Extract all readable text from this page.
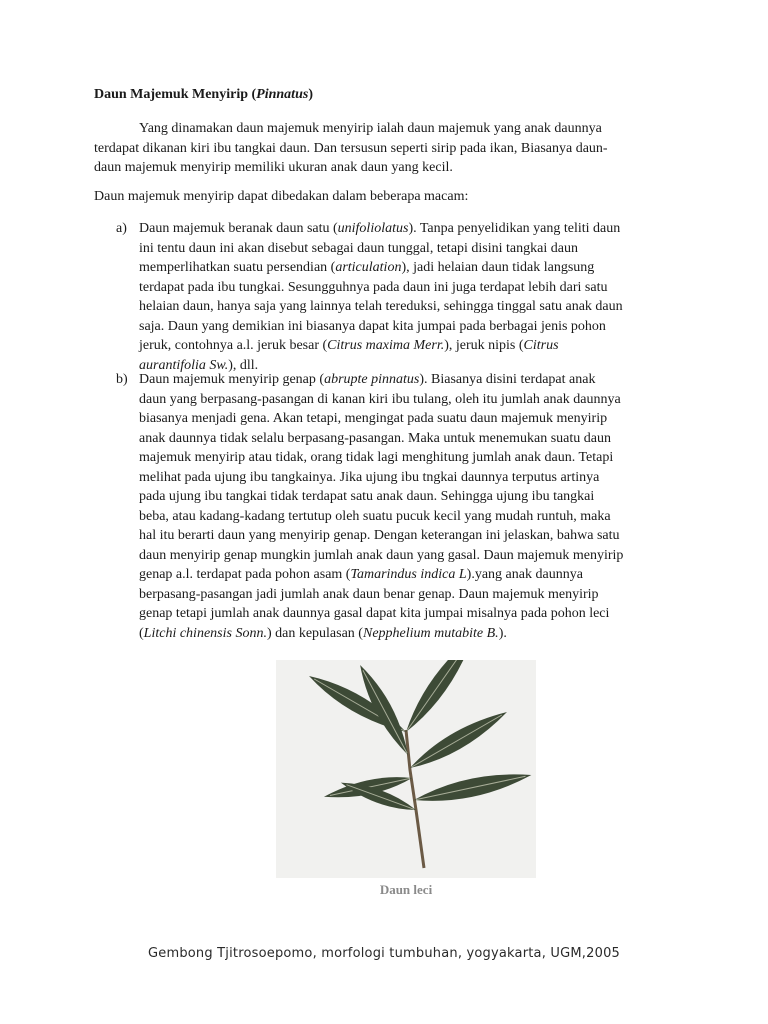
Daun Majemuk Menyirip (Pinnatus)
Yang dinamakan daun majemuk menyirip ialah daun majemuk yang anak daunnya
terdapat dikanan kiri ibu tangkai daun. Dan tersusun seperti sirip pada ikan, Biasanya daun-
daun majemuk menyirip memiliki ukuran anak daun yang kecil.
Daun majemuk menyirip dapat dibedakan dalam beberapa macam:
a) Daun majemuk beranak daun satu (unifoliolatus). Tanpa penyelidikan yang teliti daun
ini tentu daun ini akan disebut sebagai daun tunggal, tetapi disini tangkai daun
memperlihatkan suatu persendian (articulation), jadi helaian daun tidak langsung
terdapat pada ibu tungkai. Sesungguhnya pada daun ini juga terdapat lebih dari satu
helaian daun, hanya saja yang lainnya telah tereduksi, sehingga tinggal satu anak daun
saja. Daun yang demikian ini biasanya dapat kita jumpai pada berbagai jenis pohon
jeruk, contohnya a.l. jeruk besar (Citrus maxima Merr.), jeruk nipis (Citrus
aurantifolia Sw.), dll.
b) Daun majemuk menyirip genap (abrupte pinnatus). Biasanya disini terdapat anak
daun yang berpasang-pasangan di kanan kiri ibu tulang, oleh itu jumlah anak daunnya
biasanya menjadi gena. Akan tetapi, mengingat pada suatu daun majemuk menyirip
anak daunnya tidak selalu berpasang-pasangan. Maka untuk menemukan suatu daun
majemuk menyirip atau tidak, orang tidak lagi menghitung jumlah anak daun. Tetapi
melihat pada ujung ibu tangkainya. Jika ujung ibu tngkai daunnya terputus artinya
pada ujung ibu tangkai tidak terdapat satu anak daun. Sehingga ujung ibu tangkai
beba, atau kadang-kadang tertutup oleh suatu pucuk kecil yang mudah runtuh, maka
hal itu berarti daun yang menyirip genap. Dengan keterangan ini jelaskan, bahwa satu
daun menyirip genap mungkin jumlah anak daun yang gasal. Daun majemuk menyirip
genap a.l. terdapat pada pohon asam (Tamarindus indica L).yang anak daunnya
berpasang-pasangan jadi jumlah anak daun benar genap. Daun majemuk menyirip
genap tetapi jumlah anak daunnya gasal dapat kita jumpai misalnya pada pohon leci
(Litchi chinensis Sonn.) dan kepulasan (Nepphelium mutabite B.).
Daun leci
Gembong Tjitrosoepomo, morfologi tumbuhan, yogyakarta, UGM,2005
